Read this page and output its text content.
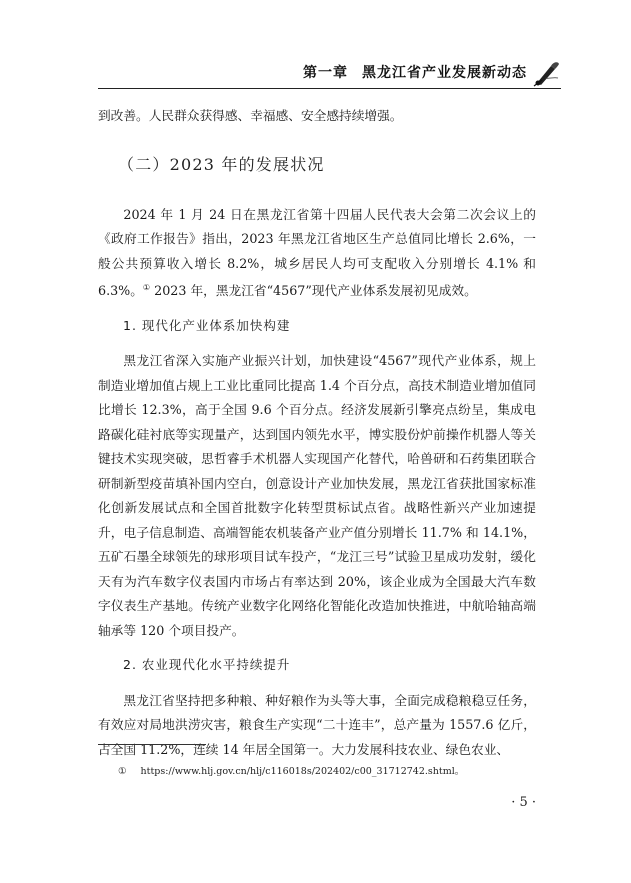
第一章 黑龙江省产业发展新动态

到改善。人民群众获得感、幸福感、安全感持续增强。

（二）2023 年的发展状况

2024 年 1 月 24 日在黑龙江省第十四届人民代表大会第二次会议上的《政府工作报告》指出，2023 年黑龙江省地区生产总值同比增长 2.6%，一般公共预算收入增长 8.2%，城乡居民人均可支配收入分别增长 4.1% 和 6.3%。① 2023 年，黑龙江省“4567”现代产业体系发展初见成效。

1. 现代化产业体系加快构建

黑龙江省深入实施产业振兴计划，加快建设“4567”现代产业体系，规上制造业增加值占规上工业比重同比提高 1.4 个百分点，高技术制造业增加值同比增长 12.3%，高于全国 9.6 个百分点。经济发展新引擎亮点纷呈，集成电路碳化硅衬底等实现量产，达到国内领先水平，博实股份炉前操作机器人等关键技术实现突破，思哲睿手术机器人实现国产化替代，哈兽研和石药集团联合研制新型疫苗填补国内空白，创意设计产业加快发展，黑龙江省获批国家标准化创新发展试点和全国首批数字化转型贯标试点省。战略性新兴产业加速提升，电子信息制造、高端智能农机装备产业产值分别增长 11.7% 和 14.1%，五矿石墨全球领先的球形项目试车投产，“龙江三号”试验卫星成功发射，缓化天有为汽车数字仪表国内市场占有率达到 20%，该企业成为全国最大汽车数字仪表生产基地。传统产业数字化网络化智能化改造加快推进，中航哈轴高端轴承等 120 个项目投产。

2. 农业现代化水平持续提升

黑龙江省坚持把多种粮、种好粮作为头等大事，全面完成稳粮稳豆任务，有效应对局地洪涝灾害，粮食生产实现“二十连丰”，总产量为 1557.6 亿斤，占全国 11.2%，连续 14 年居全国第一。大力发展科技农业、绿色农业、

① https://www.hlj.gov.cn/hlj/c116018s/202402/c00_31712742.shtml。
· 5 ·
